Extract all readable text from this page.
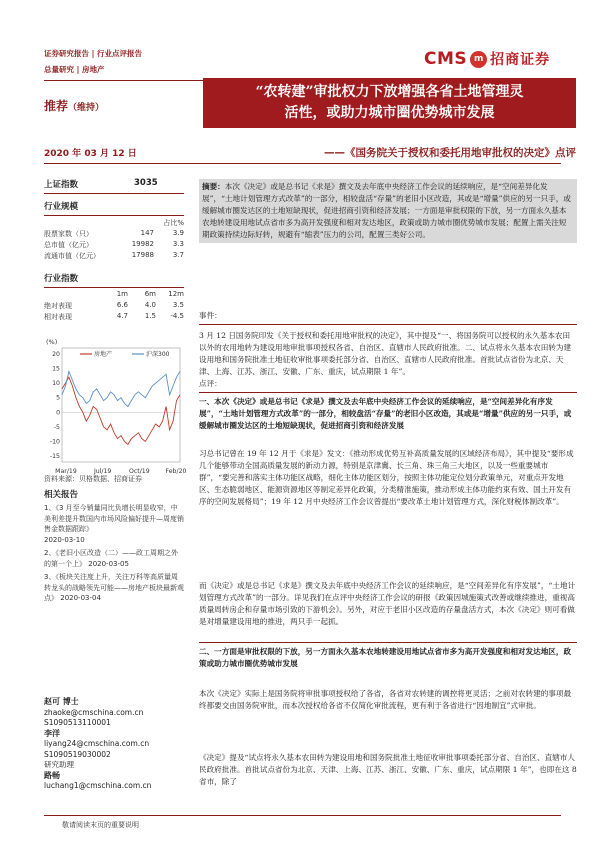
证券研究报告 | 行业点评报告
总量研究 | 房地产
CMS m 招商证券
推荐（维持）
“农转建”审批权力下放增强各省土地管理灵
活性，或助力城市圈优势城市发展
2020 年 03 月 12 日	——《国务院关于授权和委托用地审批权的决定》点评
上证指数	3035
行业规模
占比%
股票家数（只）	147	3.9
总市值（亿元）	19982	3.3
流通市值（亿元）	17988	3.7
行业指数
1m	6m	12m
绝对表现	6.6	4.0	3.5
相对表现	4.7	1.5	-4.5
(%)
20
15
10
5
0
-5
-10
-15
Mar/19	Jul/19	Oct/19	Feb/20
房地产	沪深300
资料来源：贝格数据、招商证券
相关报告

1、《3 月至今销量同比负增长明显收窄，中美利差提升数国内市场风险偏好提升—周度销售金数据跟踪》
2020-03-10

2、《老旧小区改造（二）——政工周期之外的第一个上》 2020-03-05

3、《板块关注度上升，关注万科等高质量周转龙头的战略领先可能——房地产板块最新观点》 2020-03-04

赵可 博士
zhaoke@cmschina.com.cn
S1090513110001
李洋
liyang24@cmschina.com.cn
S1090519030002
研究助理
路畅
luchang1@cmschina.com.cn
摘要：本次《决定》或是总书记《求是》撰文及去年底中央经济工作会议的延续响应，是“空间差异化发展”，“土地计划管理方式改革”的一部分，相较盘活“存量”的老旧小区改造，其或是“增量”供应的另一只手，或缓解城市圈发达区的土地短缺现状，促进招商引资和经济发展；一方面是审批权限的下放，另一方面永久基本农地转建设用地试点省市多为高开发强度和相对发达地区，政策或助力城市圈优势城市发展；配置上需关注短期政策持续边际好转，规避有“缩表”压力的公司，配置三类好公司。
事件：
3 月 12 日国务院印发《关于授权和委托用地审批权的决定》，其中提及“一、将国务院可以授权的永久基本农田以外的农用地转为建设用地审批事项授权各省、自治区、直辖市人民政府批准。二、试点将永久基本农田转为建设用地和国务院批准土地征收审批事项委托部分省、自治区、直辖市人民政府批准。首批试点省份为北京、天津、上海、江苏、浙江、安徽、广东、重庆，试点期限 1 年”。
点评：
一、本次《决定》或是总书记《求是》撰文及去年底中央经济工作会议的延续响应，是“空间差异化有序发展”，“土地计划管理方式改革”的一部分，相较盘活“存量”的老旧小区改造，其或是“增量”供应的另一只手，或缓解城市圈发达区的土地短缺现状，促进招商引资和经济发展
习总书记曾在 19 年 12 月于《求是》发文：《推动形成优势互补高质量发展的区域经济布局》，其中提及“要形成几个能够带动全国高质量发展的新动力源，特别是京津冀、长三角、珠三角三大地区，以及一些重要城市群”，“要完善和落实主体功能区战略，细化主体功能区划分，按照主体功能定位划分政策单元，对重点开发地区、生态脆弱地区、能源资源地区等制定差异化政策，分类精准施策，推动形成主体功能约束有效、国土开发有序的空间发展格局”；19 年 12 月中央经济工作会议曾提出“要改革土地计划管理方式，深化财税体制改革”。
而《决定》或是总书记《求是》撰文及去年底中央经济工作会议的延续响应，是“空间差异化有序发展”，“土地计划管理方式改革”的一部分。详见我们在点评中央经济工作会议的研报《政策因城施策式改善或继续推进，重视高质量周转房企和存量市场引致的下游机会》。另外，对应于老旧小区改造的存量盘活方式，本次《决定》则可看做是对增量建设用地的推进，两只手一起抓。
二、一方面是审批权限的下放，另一方面永久基本农地转建设用地试点省市多为高开发强度和相对发达地区，政策或助力城市圈优势城市发展
本次《决定》实际上是国务院将审批事项授权给了各省，各省对农转建的调控将更灵活；之前对农转建的事项最终都要交由国务院审批，而本次授权给各省不仅简化审批流程，更有利于各省进行“因地制宜”式审批。
《决定》提及“试点将永久基本农田转为建设用地和国务院批准土地征收审批事项委托部分省、自治区、直辖市人民政府批准。首批试点省份为北京、天津、上海、江苏、浙江、安徽、广东、重庆，试点期限 1 年”，也即在这 8 省市，除了
敬请阅读末页的重要说明
